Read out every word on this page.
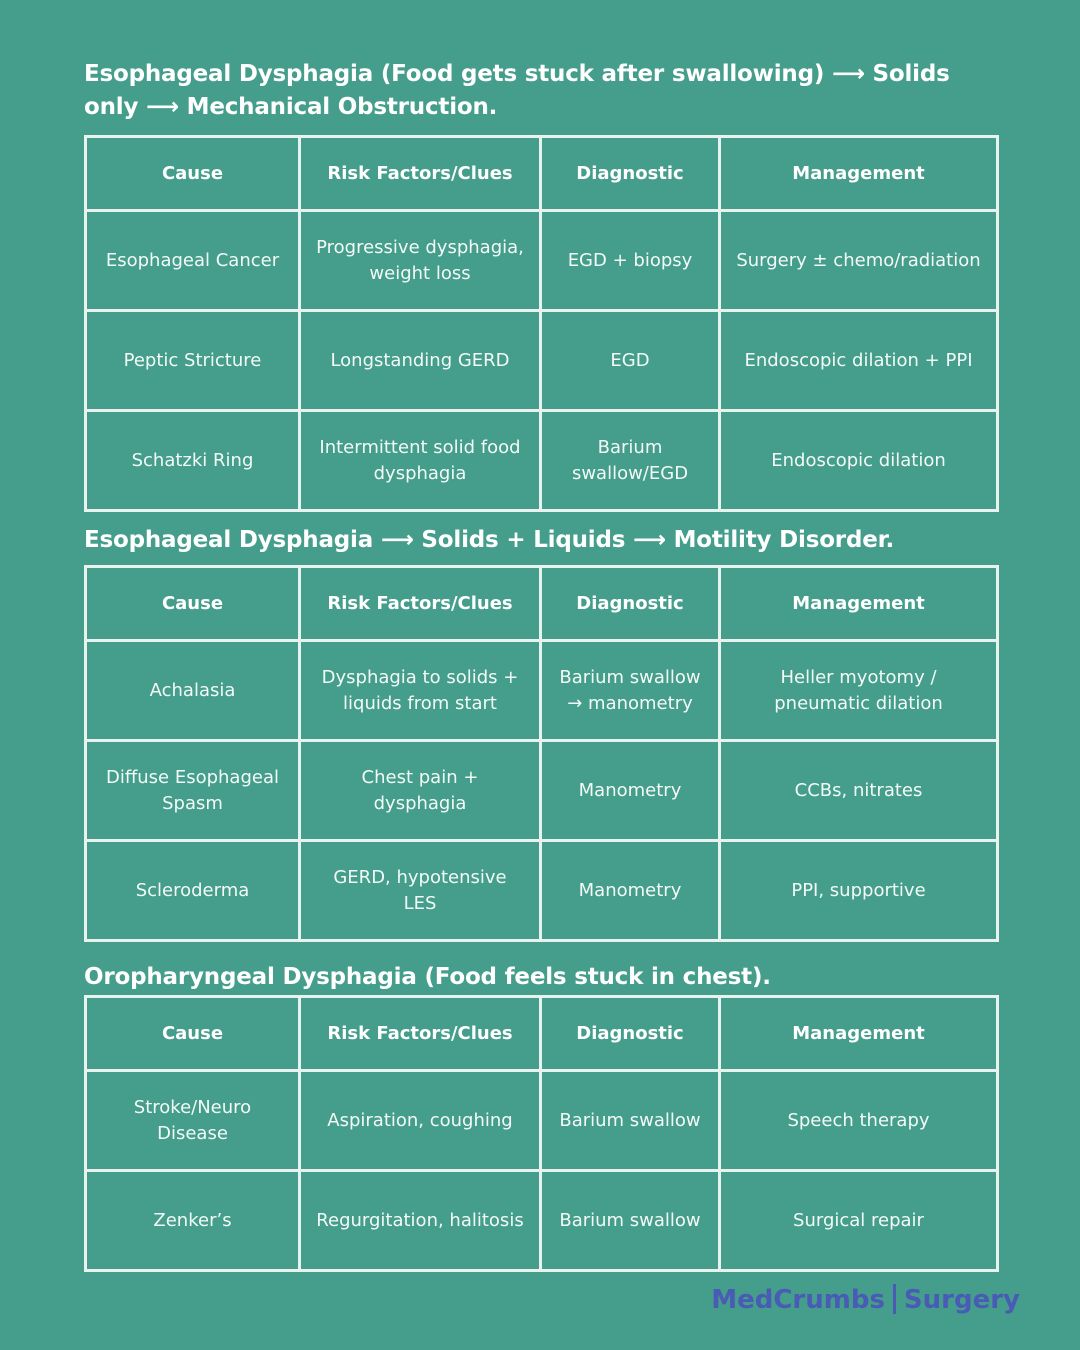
Esophageal Dysphagia (Food gets stuck after swallowing) ⟶ Solids only ⟶ Mechanical Obstruction.
Cause	Risk Factors/Clues	Diagnostic	Management
Esophageal Cancer	Progressive dysphagia, weight loss	EGD + biopsy	Surgery ± chemo/radiation
Peptic Stricture	Longstanding GERD	EGD	Endoscopic dilation + PPI
Schatzki Ring	Intermittent solid food dysphagia	Barium swallow/EGD	Endoscopic dilation
Esophageal Dysphagia ⟶ Solids + Liquids ⟶ Motility Disorder.
Cause	Risk Factors/Clues	Diagnostic	Management
Achalasia	Dysphagia to solids + liquids from start	Barium swallow → manometry	Heller myotomy / pneumatic dilation
Diffuse Esophageal Spasm	Chest pain + dysphagia	Manometry	CCBs, nitrates
Scleroderma	GERD, hypotensive LES	Manometry	PPI, supportive
Oropharyngeal Dysphagia (Food feels stuck in chest).
Cause	Risk Factors/Clues	Diagnostic	Management
Stroke/Neuro Disease	Aspiration, coughing	Barium swallow	Speech therapy
Zenker’s	Regurgitation, halitosis	Barium swallow	Surgical repair
MedCrumbs Surgery
